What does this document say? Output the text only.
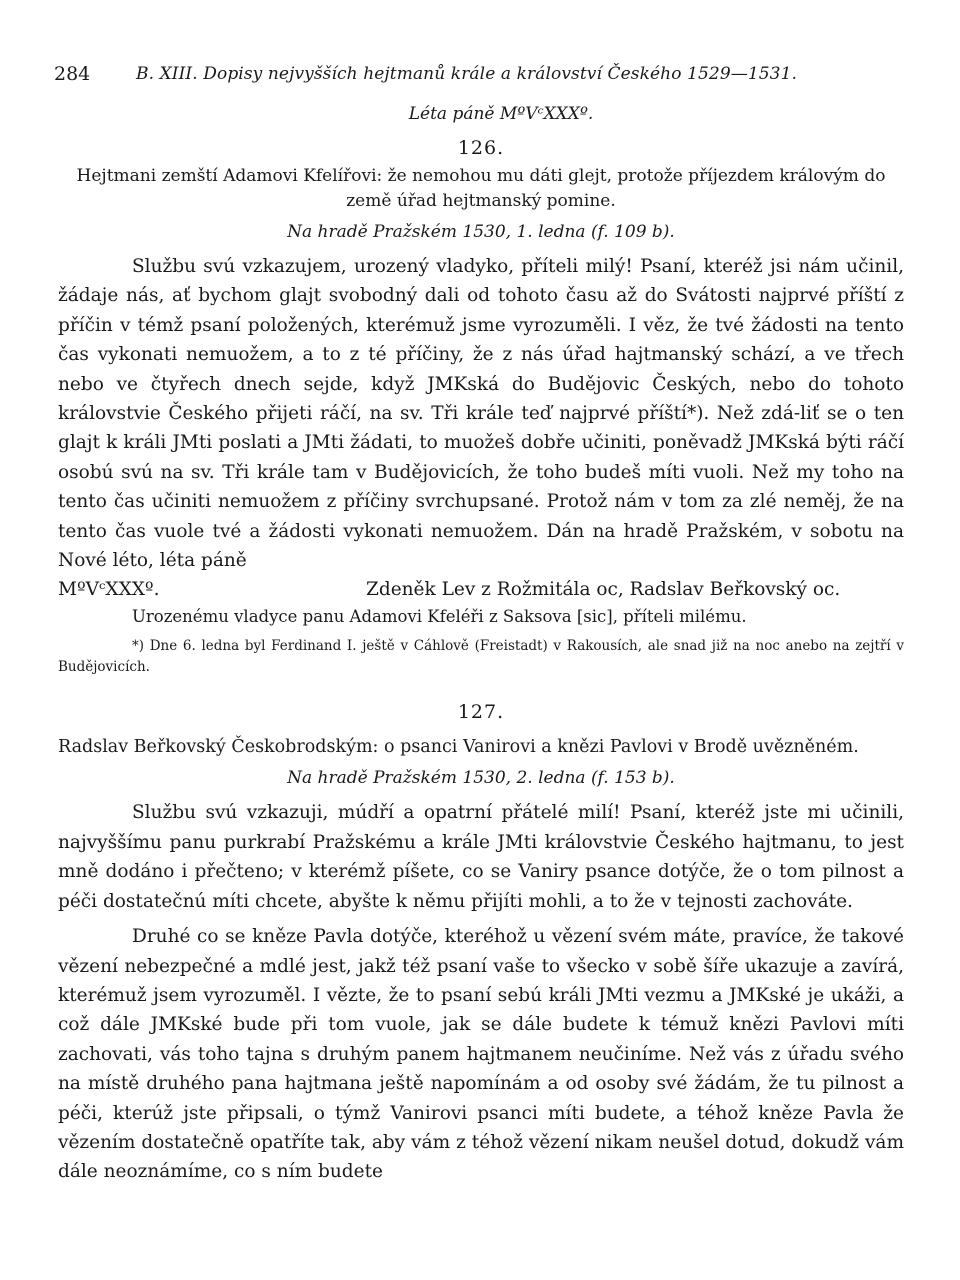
284	B. XIII. Dopisy nejvyšších hejtmanů krále a království Českého 1529—1531.
Léta páně MºVᶜXXXº.
126.

Hejtmani zemští Adamovi Kfelířovi: že nemohou mu dáti glejt, protože příjezdem královým do země úřad hejtmanský pomine.

Na hradě Pražském 1530, 1. ledna (f. 109 b).

Službu svú vzkazujem, urozený vladyko, příteli milý! Psaní, kteréž jsi nám učinil, žádaje nás, ať bychom glajt svobodný dali od tohoto času až do Svátosti najprvé příští z příčin v témž psaní položených, kterémuž jsme vyrozuměli. I věz, že tvé žádosti na tento čas vykonati nemuožem, a to z té příčiny, že z nás úřad hajtmanský schází, a ve třech nebo ve čtyřech dnech sejde, když JMKská do Budějovic Českých, nebo do tohoto královstvie Českého přijeti ráčí, na sv. Tři krále teď najprvé příští*). Než zdá-liť se o ten glajt k králi JMti poslati a JMti žádati, to muožeš dobře učiniti, poněvadž JMKská býti ráčí osobú svú na sv. Tři krále tam v Budějovicích, že toho budeš míti vuoli. Než my toho na tento čas učiniti nemuožem z příčiny svrchupsané. Protož nám v tom za zlé neměj, že na tento čas vuole tvé a žádosti vykonati nemuožem. Dán na hradě Pražském, v sobotu na Nové léto, léta páně

MºVᶜXXXº.	Zdeněk Lev z Rožmitála oc, Radslav Beřkovský oc.
Urozenému vladyce panu Adamovi Kfeléři z Saksova [sic], příteli milému.

*) Dne 6. ledna byl Ferdinand I. ještě v Cáhlově (Freistadt) v Rakousích, ale snad již na noc anebo na zejtří v Budějovicích.

127.
Radslav Beřkovský Českobrodským: o psanci Vanirovi a knězi Pavlovi v Brodě uvězněném.
Na hradě Pražském 1530, 2. ledna (f. 153 b).

Službu svú vzkazuji, múdří a opatrní přátelé milí! Psaní, kteréž jste mi učinili, najvyššímu panu purkrabí Pražskému a krále JMti královstvie Českého hajtmanu, to jest mně dodáno i přečteno; v kterémž píšete, co se Vaniry psance dotýče, že o tom pilnost a péči dostatečnú míti chcete, abyšte k němu přijíti mohli, a to že v tejnosti zachováte.

Druhé co se kněze Pavla dotýče, kteréhož u vězení svém máte, pravíce, že takové vězení nebezpečné a mdlé jest, jakž též psaní vaše to všecko v sobě šíře ukazuje a zavírá, kterémuž jsem vyrozuměl. I vězte, že to psaní sebú králi JMti vezmu a JMKské je ukáži, a což dále JMKské bude při tom vuole, jak se dále budete k témuž knězi Pavlovi míti zachovati, vás toho tajna s druhým panem hajtmanem neučiníme. Než vás z úřadu svého na místě druhého pana hajtmana ještě napomínám a od osoby své žádám, že tu pilnost a péči, kterúž jste připsali, o týmž Vanirovi psanci míti budete, a téhož kněze Pavla že vězením dostatečně opatříte tak, aby vám z téhož vězení nikam neušel dotud, dokudž vám dále neoznámíme, co s ním budete
